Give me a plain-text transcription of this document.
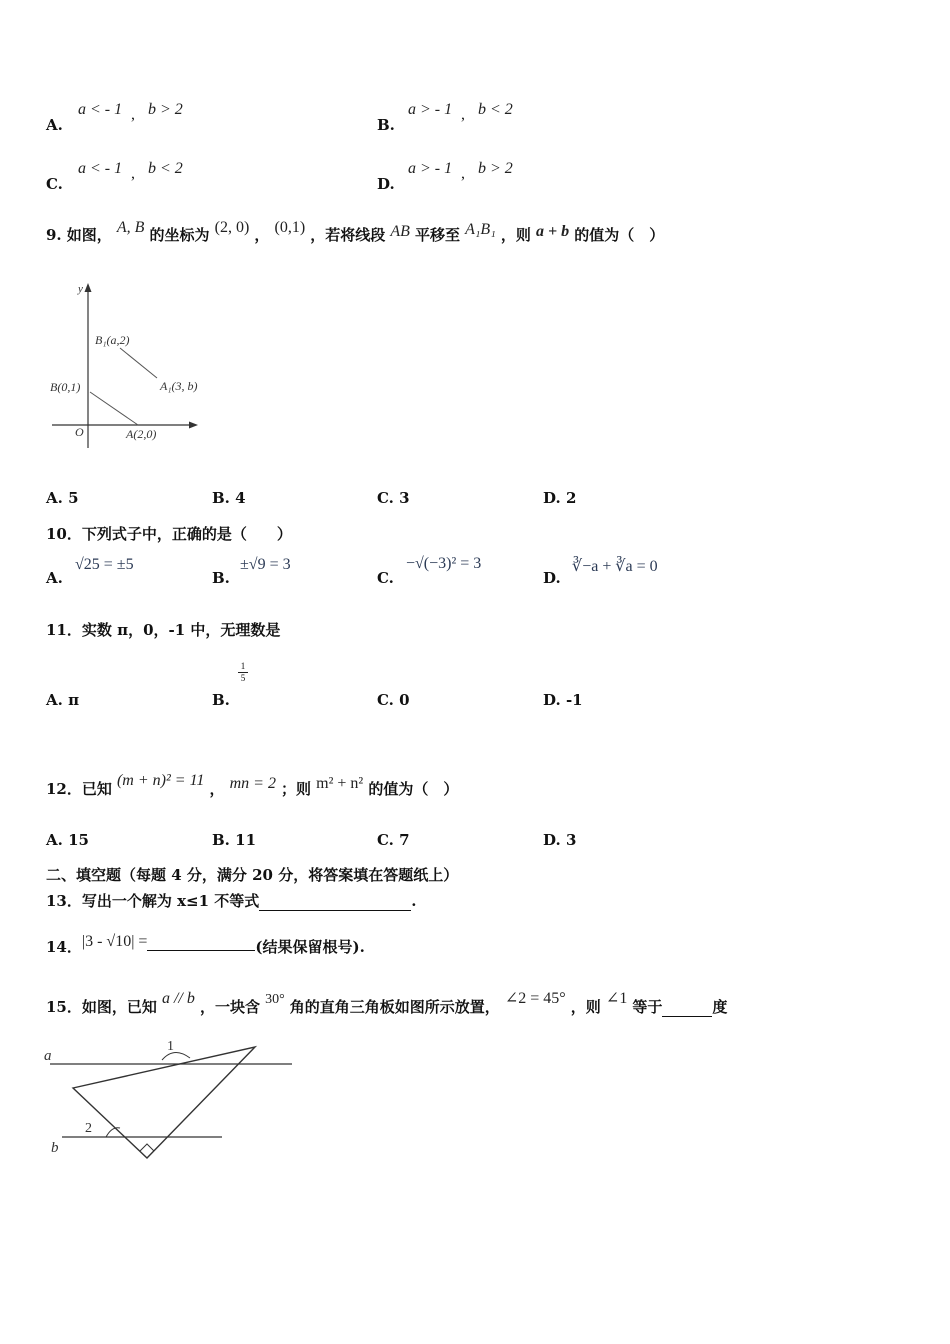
A.
a < - 1 , b > 2
B.
a > - 1 , b < 2
C.
a < - 1 , b < 2
D.
a > - 1 , b > 2
9. 如图， A, B 的坐标为 (2, 0) ， (0,1) ，若将线段 AB 平移至 A₁B₁ ，则 a + b 的值为（　）
y
O
B(0,1)
A(2,0)
B₁(a,2)
A₁(3, b)
A. 5	B. 4	C. 3	D. 2
10．下列式子中，正确的是（　　）
A.
√25 = ±5
B.
±√9 = 3
C.
−√(−3)² = 3
D.
∛−a + ∛a = 0
11．实数 π，0，-1 中，无理数是
A. π	B.
$\frac{1}{5}$
C. 0	D. -1
12．已知 (m + n)² = 11 ， mn = 2 ；则 m² + n² 的值为（　）
A. 15	B. 11	C. 7	D. 3
二、填空题（每题 4 分，满分 20 分，将答案填在答题纸上）
13．写出一个解为 x≤1 不等式	.
14．|3 - √10| =	(结果保留根号).
15．如图，已知 a // b ，一块含 30° 角的直角三角板如图所示放置， ∠2 = 45° ，则 ∠1 等于	度
a
b
1
2
